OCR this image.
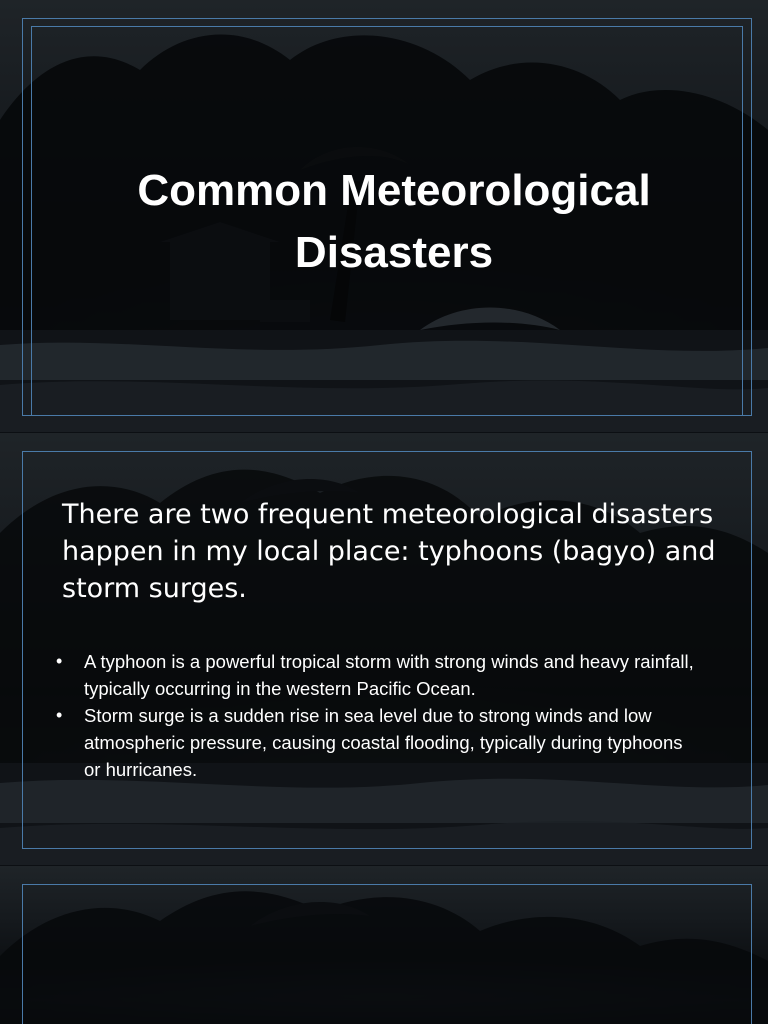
Common Meteorological Disasters

There are two frequent meteorological disasters happen in my local place: typhoons (bagyo) and storm surges.

• A typhoon is a powerful tropical storm with strong winds and heavy rainfall, typically occurring in the western Pacific Ocean.
• Storm surge is a sudden rise in sea level due to strong winds and low atmospheric pressure, causing coastal flooding, typically during typhoons or hurricanes.
